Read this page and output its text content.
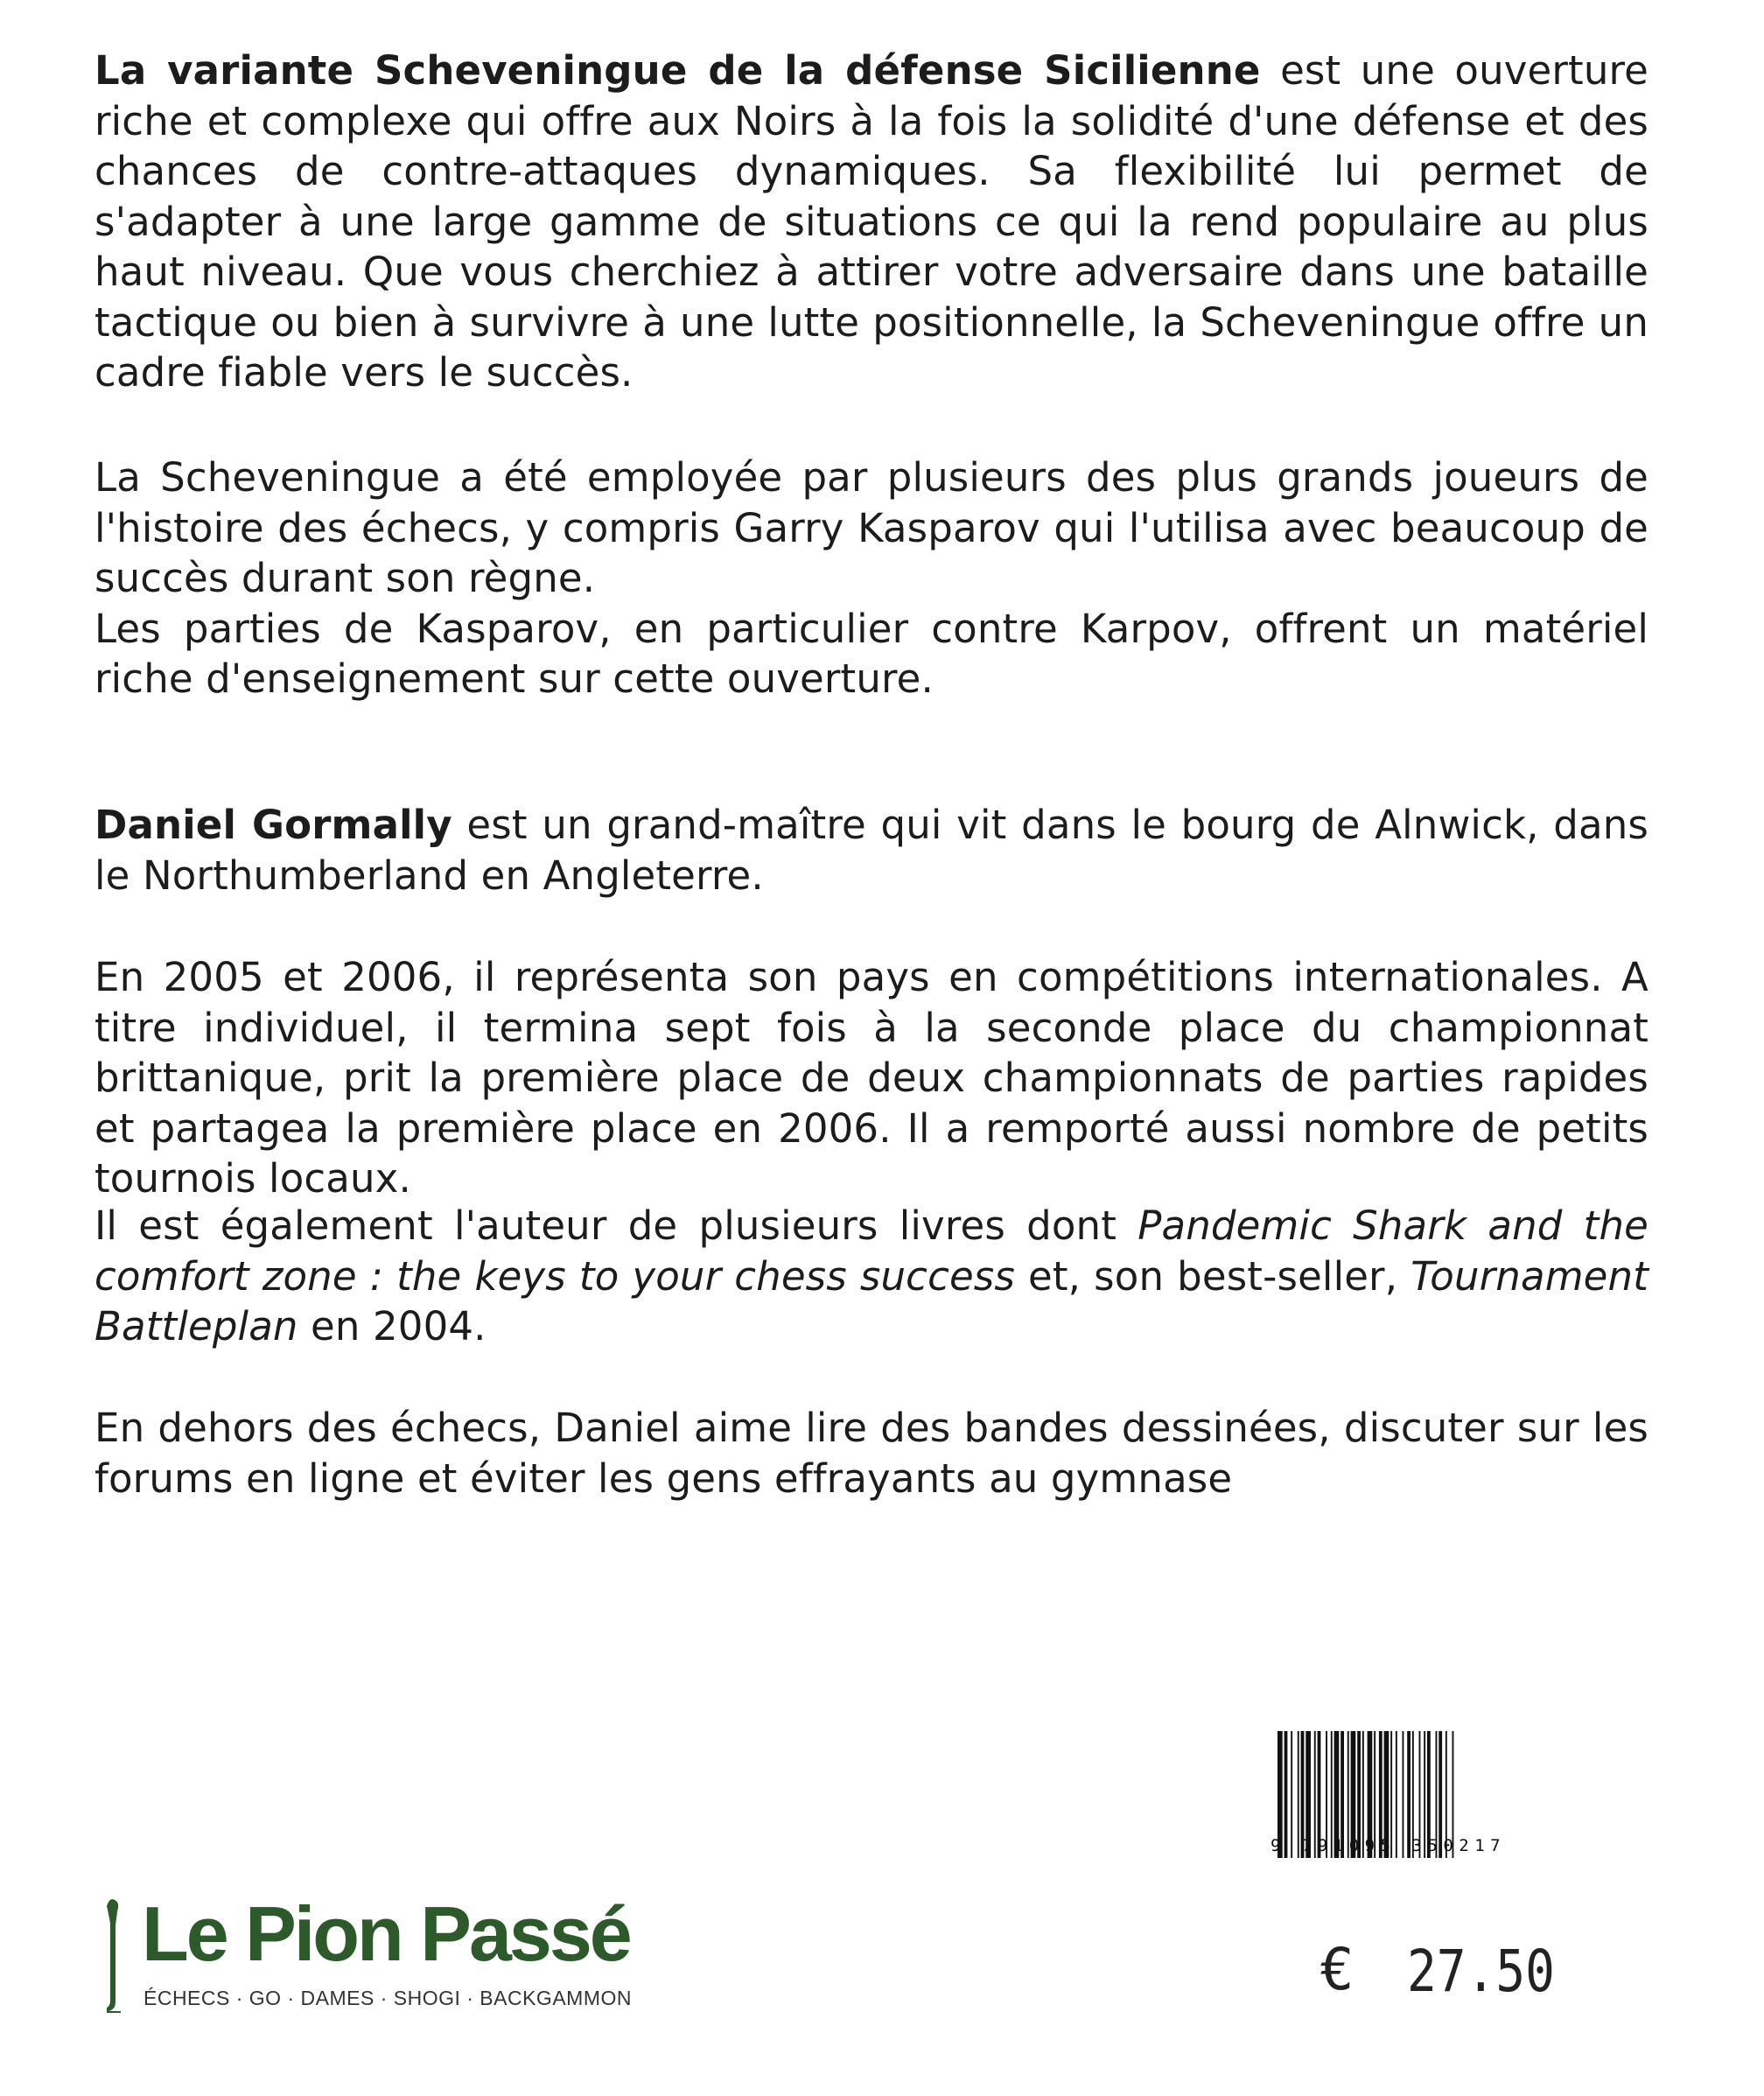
La variante Scheveningue de la défense Sicilienne est une ouverture riche et complexe qui offre aux Noirs à la fois la solidité d'une défense et des chances de contre-attaques dynamiques. Sa flexibilité lui permet de s'adapter à une large gamme de situations ce qui la rend populaire au plus haut niveau. Que vous cherchiez à attirer votre adversaire dans une bataille tactique ou bien à survivre à une lutte positionnelle, la Scheveningue offre un cadre fiable vers le succès.

La Scheveningue a été employée par plusieurs des plus grands joueurs de l'histoire des échecs, y compris Garry Kasparov qui l'utilisa avec beaucoup de succès durant son règne.

Les parties de Kasparov, en particulier contre Karpov, offrent un matériel riche d'enseignement sur cette ouverture.

Daniel Gormally est un grand-maître qui vit dans le bourg de Alnwick, dans le Northumberland en Angleterre.

En 2005 et 2006, il représenta son pays en compétitions internationales. A titre individuel, il termina sept fois à la seconde place du championnat brittanique, prit la première place de deux championnats de parties rapides et partagea la première place en 2006. Il a remporté aussi nombre de petits tournois locaux.

Il est également l'auteur de plusieurs livres dont Pandemic Shark and the comfort zone : the keys to your chess success et, son best-seller, Tournament Battleplan en 2004.

En dehors des échecs, Daniel aime lire des bandes dessinées, discuter sur les forums en ligne et éviter les gens effrayants au gymnase

9 791095 350217
Le Pion Passé
ÉCHECS · GO · DAMES · SHOGI · BACKGAMMON	€ 27.50
